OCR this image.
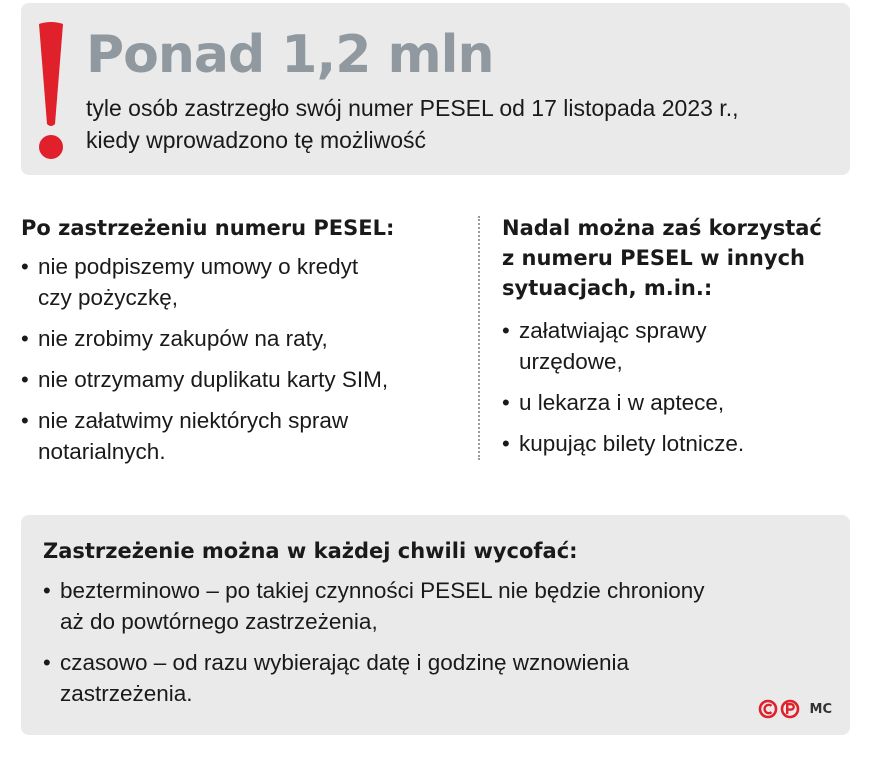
Ponad 1,2 mln
tyle osób zastrzegło swój numer PESEL od 17 listopada 2023 r.,
kiedy wprowadzono tę możliwość
Po zastrzeżeniu numeru PESEL:
• nie podpiszemy umowy o kredyt
czy pożyczkę,
• nie zrobimy zakupów na raty,
• nie otrzymamy duplikatu karty SIM,
• nie załatwimy niektórych spraw
notarialnych.
Nadal można zaś korzystać
z numeru PESEL w innych
sytuacjach, m.in.:
• załatwiając sprawy
urzędowe,
• u lekarza i w aptece,
• kupując bilety lotnicze.
Zastrzeżenie można w każdej chwili wycofać:
• bezterminowo – po takiej czynności PESEL nie będzie chroniony
aż do powtórnego zastrzeżenia,
• czasowo – od razu wybierając datę i godzinę wznowienia
zastrzeżenia.
MC
